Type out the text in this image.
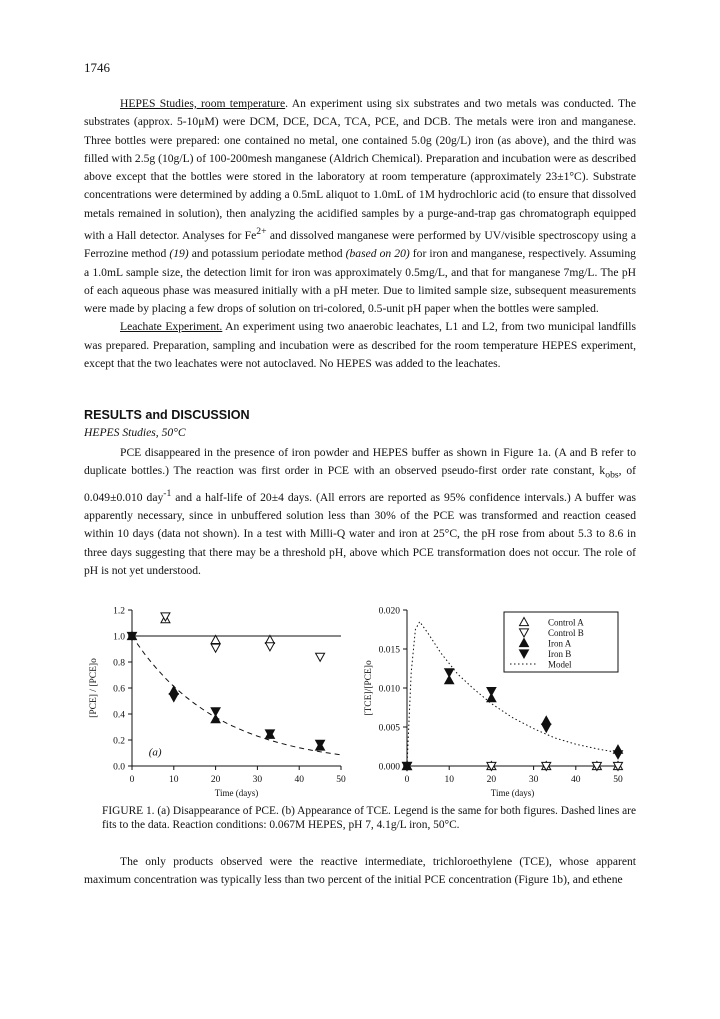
1746

HEPES Studies, room temperature. An experiment using six substrates and two metals was conducted. The substrates (approx. 5-10μM) were DCM, DCE, DCA, TCA, PCE, and DCB. The metals were iron and manganese. Three bottles were prepared: one contained no metal, one contained 5.0g (20g/L) iron (as above), and the third was filled with 2.5g (10g/L) of 100-200mesh manganese (Aldrich Chemical). Preparation and incubation were as described above except that the bottles were stored in the laboratory at room temperature (approximately 23±1°C). Substrate concentrations were determined by adding a 0.5mL aliquot to 1.0mL of 1M hydrochloric acid (to ensure that dissolved metals remained in solution), then analyzing the acidified samples by a purge-and-trap gas chromatograph equipped with a Hall detector. Analyses for $Fe^{2+}$ and dissolved manganese were performed by UV/visible spectroscopy using a Ferrozine method (19) and potassium periodate method (based on 20) for iron and manganese, respectively. Assuming a 1.0mL sample size, the detection limit for iron was approximately 0.5mg/L, and that for manganese 7mg/L. The pH of each aqueous phase was measured initially with a pH meter. Due to limited sample size, subsequent measurements were made by placing a few drops of solution on tri-colored, 0.5-unit pH paper when the bottles were sampled.

Leachate Experiment. An experiment using two anaerobic leachates, L1 and L2, from two municipal landfills was prepared. Preparation, sampling and incubation were as described for the room temperature HEPES experiment, except that the two leachates were not autoclaved. No HEPES was added to the leachates.

RESULTS and DISCUSSION
HEPES Studies, 50°C

PCE disappeared in the presence of iron powder and HEPES buffer as shown in Figure 1a. (A and B refer to duplicate bottles.) The reaction was first order in PCE with an observed pseudo-first order rate constant, $k_{obs}$, of 0.049±0.010 day$^{-1}$ and a half-life of 20±4 days. (All errors are reported as 95% confidence intervals.) A buffer was apparently necessary, since in unbuffered solution less than 30% of the PCE was transformed and reaction ceased within 10 days (data not shown). In a test with Milli-Q water and iron at 25°C, the pH rose from about 5.3 to 8.6 in three days suggesting that there may be a threshold pH, above which PCE transformation does not occur. The role of pH is not yet understood.

0.0
0.2
0.4
0.6
0.8
1.0
1.2
0	10	20	30	40	50
Time (days)
[PCE] / [PCE]o
(a)
0.000
0.005
0.010
0.015
0.020
0	10	20	30	40	50
Time (days)
[TCE]/[PCE]o
Control A
Control B
Iron A
Iron B
Model
FIGURE 1. (a) Disappearance of PCE. (b) Appearance of TCE. Legend is the same for both figures. Dashed lines are fits to the data. Reaction conditions: 0.067M HEPES, pH 7, 4.1g/L iron, 50°C.

The only products observed were the reactive intermediate, trichloroethylene (TCE), whose apparent maximum concentration was typically less than two percent of the initial PCE concentration (Figure 1b), and ethene
